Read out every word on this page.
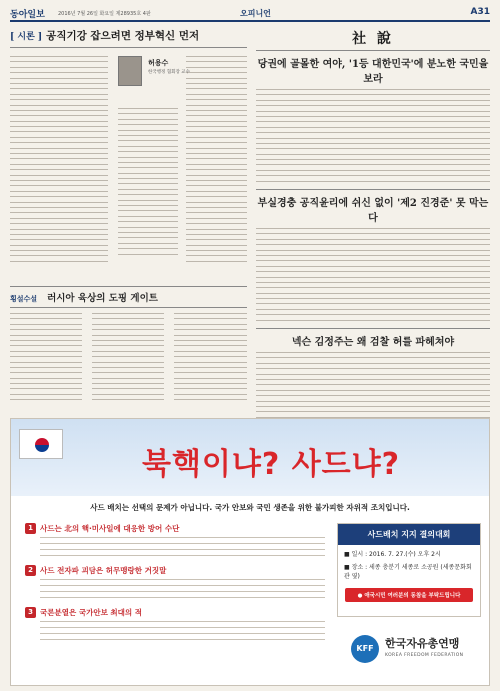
동아일보	2016년 7월 26일 화요일 제28935호 4판	오피니언	A31
[ 시론 ] 공직기강 잡으려면 정부혁신 먼저
허용수
한국행정 협회장 교수
횡설수설 러시아 육상의 도핑 게이트
社 說
당권에 골몰한 여야, '1등 대한민국'에 분노한 국민을 보라
부실경충 공직윤리에 쉬신 없이 '제2 진경준' 못 막는다
넥슨 김정주는 왜 검찰 허를 파헤쳐야
북핵이냐? 사드냐?
사드 배치는 선택의 문제가 아닙니다. 국가 안보와 국민 생존을 위한 불가피한 자위적 조치입니다.
1 사드는 北의 핵·미사일에 대응한 방어 수단
2 사드 전자파 괴담은 허무맹랑한 거짓말
3 국론분열은 국가안보 최대의 적
사드배치 지지 결의대회
■ 일시 : 2016. 7. 27.(수) 오후 2시
■ 장소 : 세종 충분기 세종로 소공원 (세종문화회관 옆)
● 애국시민 여러분의 동참을 부탁드립니다
KFF	한국자유총연맹
KOREA FREEDOM FEDERATION
